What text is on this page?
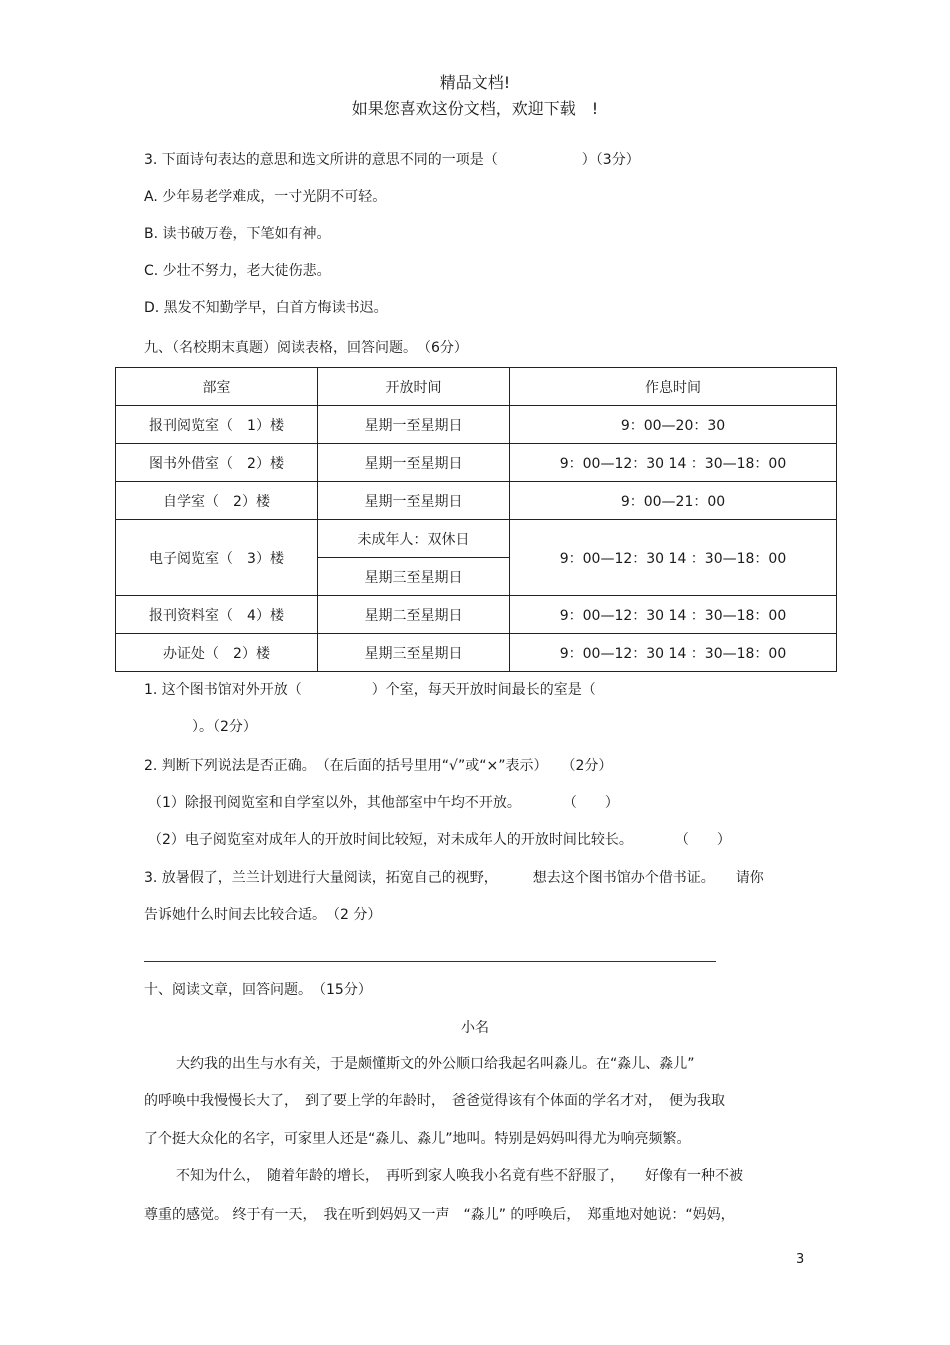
精品文档!
如果您喜欢这份文档，欢迎下载　!
3. 下面诗句表达的意思和选文所讲的意思不同的一项是（　　　　　　）（3分）
A. 少年易老学难成，一寸光阴不可轻。
B. 读书破万卷，下笔如有神。
C. 少壮不努力，老大徒伤悲。
D. 黑发不知勤学早，白首方悔读书迟。
九、（名校期末真题）阅读表格，回答问题。　（6分）
部室	开放时间	作息时间
报刊阅览室（　1）楼	星期一至星期日	9：00—20：30
图书外借室（　2）楼	星期一至星期日	9：00—12：30 14 ：30—18：00
自学室（　2）楼	星期一至星期日	9：00—21：00
电子阅览室（　3）楼	未成年人：双休日	9：00—12：30 14 ：30—18：00
	星期三至星期日	
报刊资料室（　4）楼	星期二至星期日	9：00—12：30 14 ：30—18：00
办证处（　2）楼	星期三至星期日	9：00—12：30 14 ：30—18：00
1. 这个图书馆对外开放（　　　　　）个室，每天开放时间最长的室是（
）。（2分）
2. 判断下列说法是否正确。　（在后面的括号里用“√”或“×”表示）　　（2分）
（1）除报刊阅览室和自学室以外，其他部室中午均不开放。　　　　（　　）
（2）电子阅览室对成年人的开放时间比较短，对未成年人的开放时间比较长。　　　　（　　）
3. 放暑假了，兰兰计划进行大量阅读，拓宽自己的视野，　　　想去这个图书馆办个借书证。　　请你
告诉她什么时间去比较合适。　（2 分）
十、阅读文章，回答问题。　（15分）
小名
大约我的出生与水有关，于是颇懂斯文的外公顺口给我起名叫淼儿。在“淼儿、淼儿”
的呼唤中我慢慢长大了，　到了要上学的年龄时，　爸爸觉得该有个体面的学名才对，　便为我取
了个挺大众化的名字，可家里人还是“淼儿、淼儿”地叫。特别是妈妈叫得尤为响亮频繁。
不知为什么，　随着年龄的增长，　再听到家人唤我小名竟有些不舒服了，　　好像有一种不被
尊重的感觉。 终于有一天，　我在听到妈妈又一声　“淼儿” 的呼唤后，　郑重地对她说：“妈妈，
3
